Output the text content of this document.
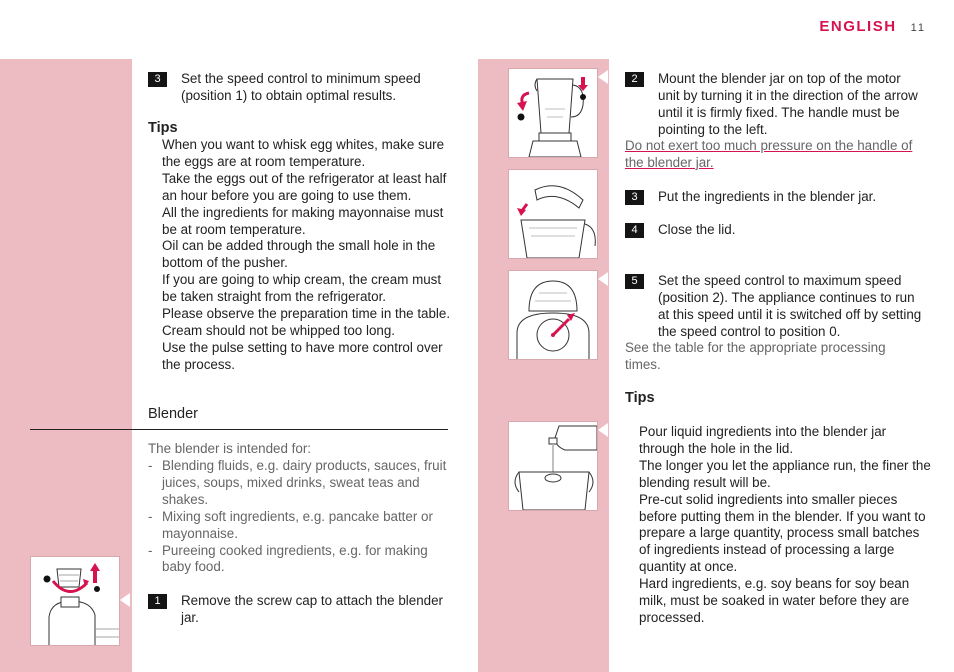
ENGLISH 11
3	Set the speed control to minimum speed (position 1) to obtain optimal results.
Tips

When you want to whisk egg whites, make sure the eggs are at room temperature.

Take the eggs out of the refrigerator at least half an hour before you are going to use them.

All the ingredients for making mayonnaise must be at room temperature.

Oil can be added through the small hole in the bottom of the pusher.

If you are going to whip cream, the cream must be taken straight from the refrigerator.

Please observe the preparation time in the table. Cream should not be whipped too long.

Use the pulse setting to have more control over the process.

Blender
The blender is intended for:
- Blending fluids, e.g. dairy products, sauces, fruit juices, soups, mixed drinks, sweat teas and shakes.
- Mixing soft ingredients, e.g. pancake batter or mayonnaise.
- Pureeing cooked ingredients, e.g. for making baby food.
1	Remove the screw cap to attach the blender jar.
2	Mount the blender jar on top of the motor unit by turning it in the direction of the arrow until it is firmly fixed. The handle must be pointing to the left.
Do not exert too much pressure on the handle of the blender jar.
3	Put the ingredients in the blender jar.
4	Close the lid.
5	Set the speed control to maximum speed (position 2). The appliance continues to run at this speed until it is switched off by setting the speed control to position 0.
See the table for the appropriate processing times.
Tips

Pour liquid ingredients into the blender jar through the hole in the lid.

The longer you let the appliance run, the finer the blending result will be.

Pre-cut solid ingredients into smaller pieces before putting them in the blender. If you want to prepare a large quantity, process small batches of ingredients instead of processing a large quantity at once.

Hard ingredients, e.g. soy beans for soy bean milk, must be soaked in water before they are processed.
